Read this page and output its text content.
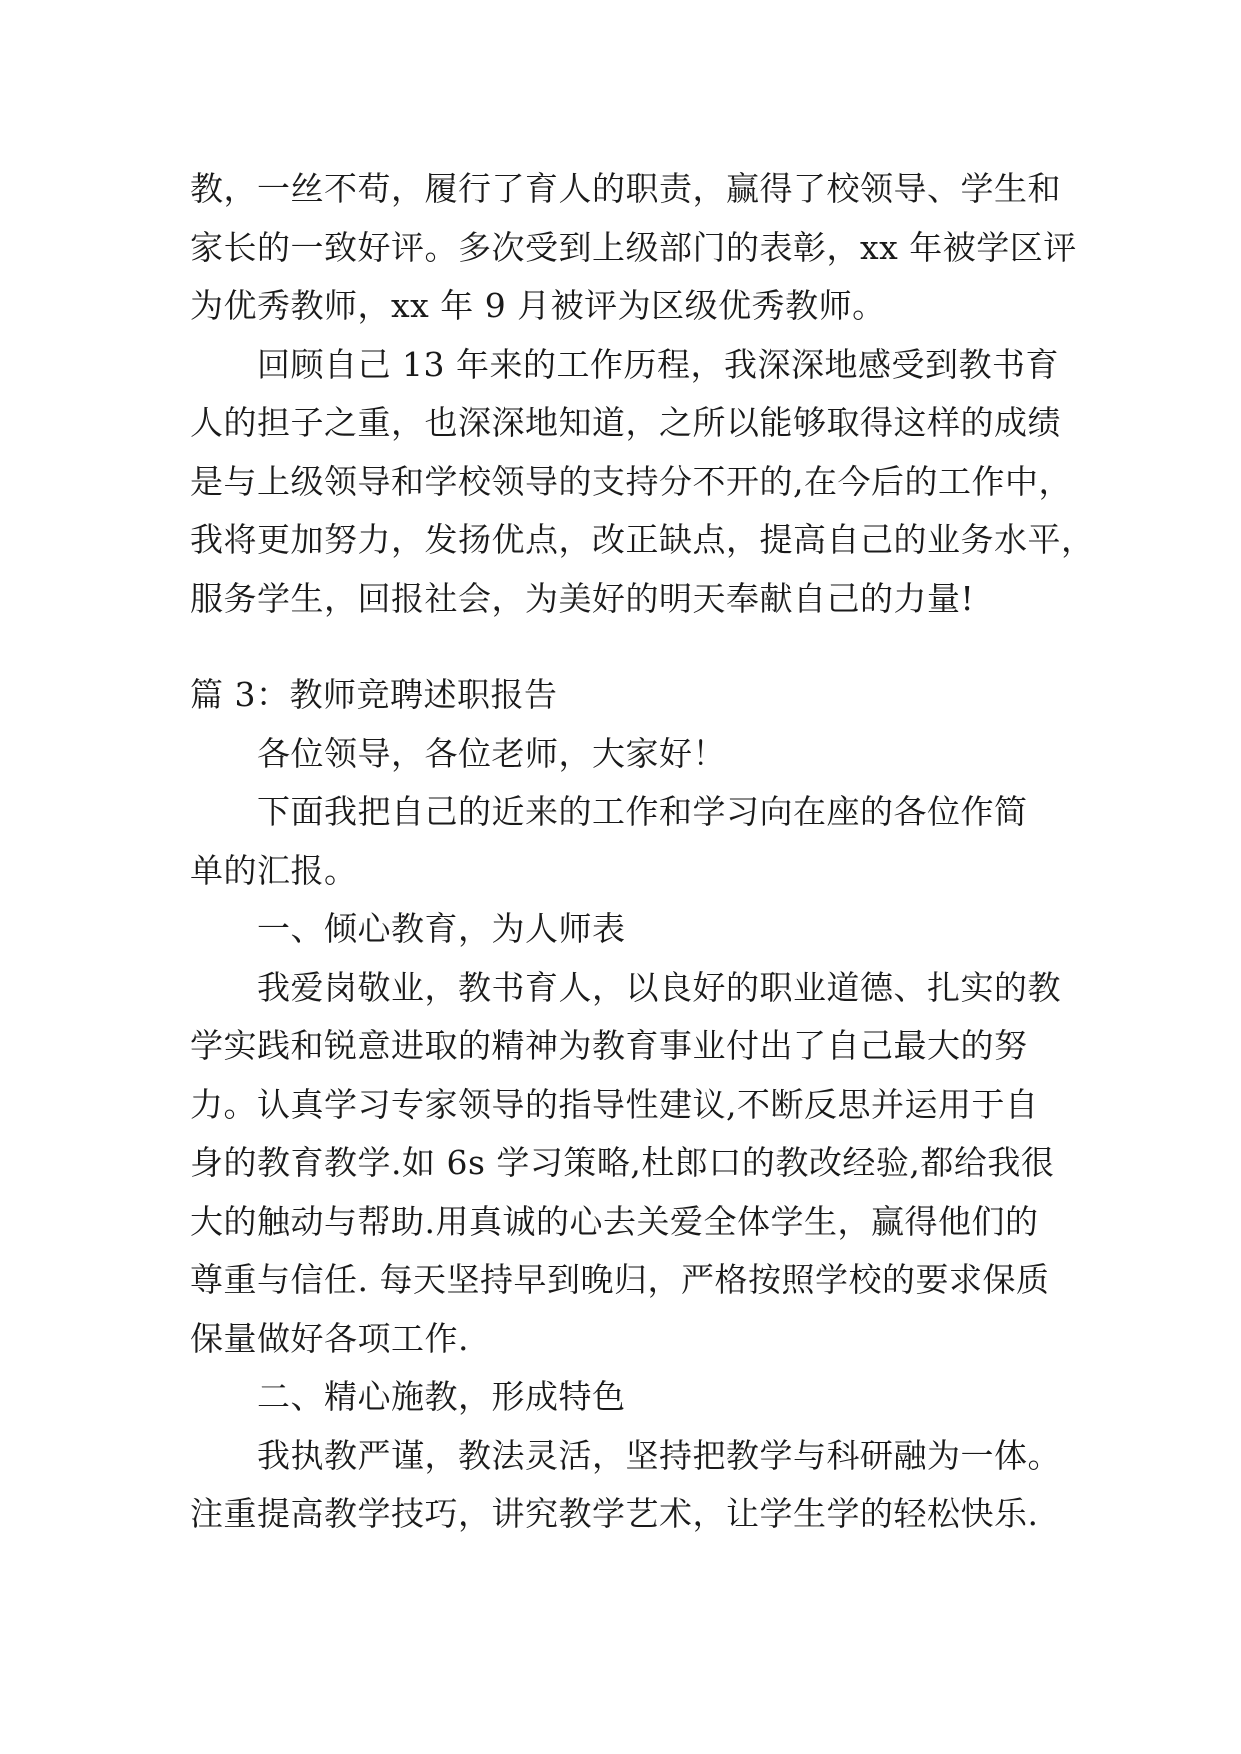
教，一丝不苟，履行了育人的职责，赢得了校领导、学生和

家长的一致好评。多次受到上级部门的表彰，xx 年被学区评

为优秀教师，xx 年 9 月被评为区级优秀教师。

回顾自己 13 年来的工作历程，我深深地感受到教书育

人的担子之重，也深深地知道，之所以能够取得这样的成绩

是与上级领导和学校领导的支持分不开的,在今后的工作中，

我将更加努力，发扬优点，改正缺点，提高自己的业务水平，

服务学生，回报社会，为美好的明天奉献自己的力量!

篇 3：教师竞聘述职报告

各位领导，各位老师，大家好！

下面我把自己的近来的工作和学习向在座的各位作简

单的汇报。

一、倾心教育，为人师表

我爱岗敬业，教书育人，以良好的职业道德、扎实的教

学实践和锐意进取的精神为教育事业付出了自己最大的努

力。认真学习专家领导的指导性建议,不断反思并运用于自

身的教育教学.如 6s 学习策略,杜郎口的教改经验,都给我很

大的触动与帮助.用真诚的心去关爱全体学生，赢得他们的

尊重与信任. 每天坚持早到晚归，严格按照学校的要求保质

保量做好各项工作.

二、精心施教，形成特色

我执教严谨，教法灵活，坚持把教学与科研融为一体。

注重提高教学技巧，讲究教学艺术，让学生学的轻松快乐.
